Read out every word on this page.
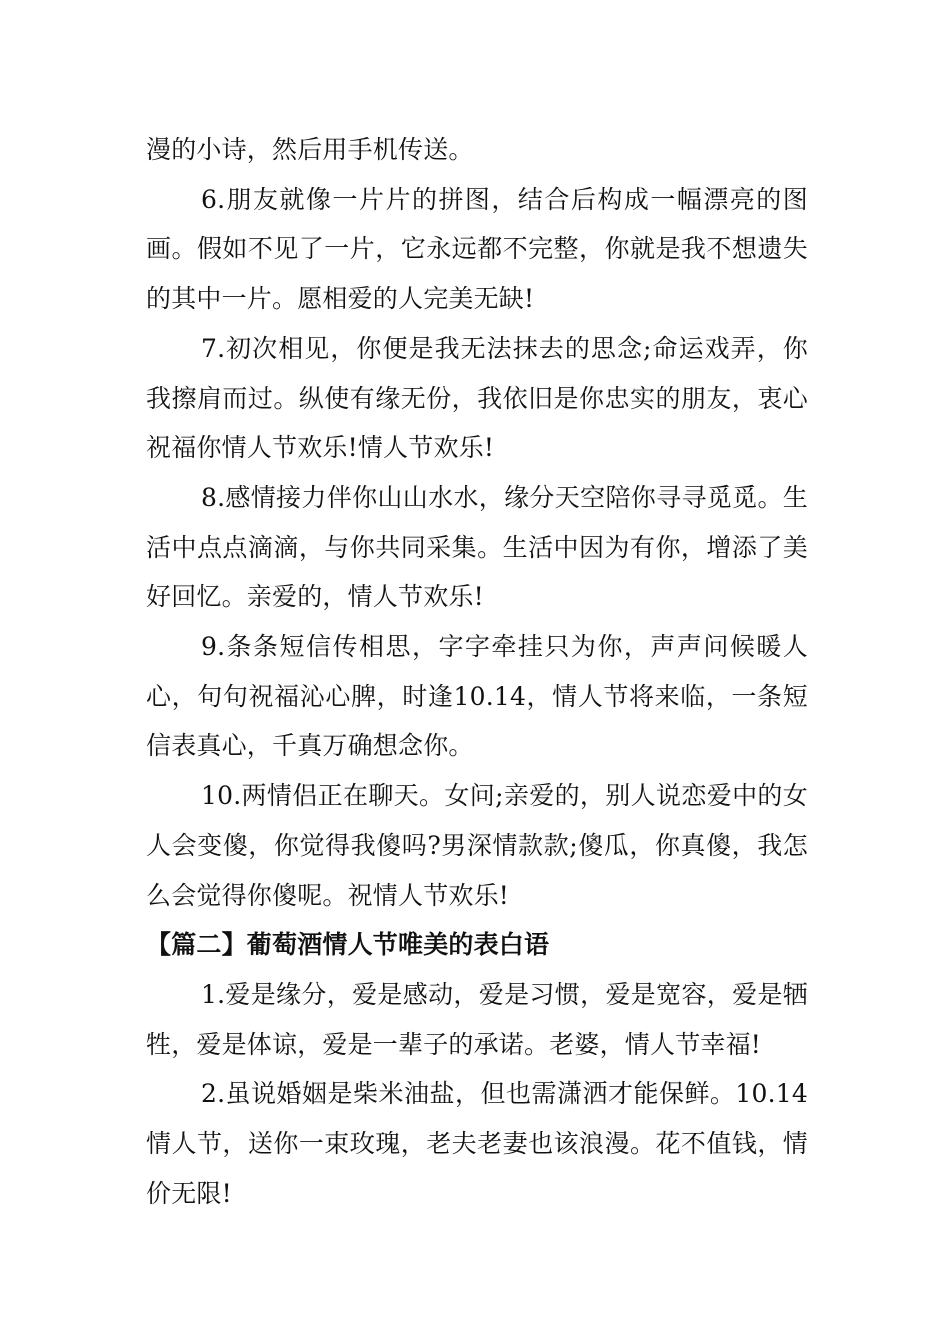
漫的小诗，然后用手机传送。

6.朋友就像一片片的拼图，结合后构成一幅漂亮的图画。假如不见了一片，它永远都不完整，你就是我不想遗失的其中一片。愿相爱的人完美无缺!

7.初次相见，你便是我无法抹去的思念;命运戏弄，你我擦肩而过。纵使有缘无份，我依旧是你忠实的朋友，衷心祝福你情人节欢乐!情人节欢乐!

8.感情接力伴你山山水水，缘分天空陪你寻寻觅觅。生活中点点滴滴，与你共同采集。生活中因为有你，增添了美好回忆。亲爱的，情人节欢乐!

9.条条短信传相思，字字牵挂只为你，声声问候暖人心，句句祝福沁心脾，时逢10.14，情人节将来临，一条短信表真心，千真万确想念你。

10.两情侣正在聊天。女问;亲爱的，别人说恋爱中的女人会变傻，你觉得我傻吗?男深情款款;傻瓜，你真傻，我怎么会觉得你傻呢。祝情人节欢乐!

【篇二】葡萄酒情人节唯美的表白语

1.爱是缘分，爱是感动，爱是习惯，爱是宽容，爱是牺牲，爱是体谅，爱是一辈子的承诺。老婆，情人节幸福!

2.虽说婚姻是柴米油盐，但也需潇洒才能保鲜。10.14情人节，送你一束玫瑰，老夫老妻也该浪漫。花不值钱，情价无限!
